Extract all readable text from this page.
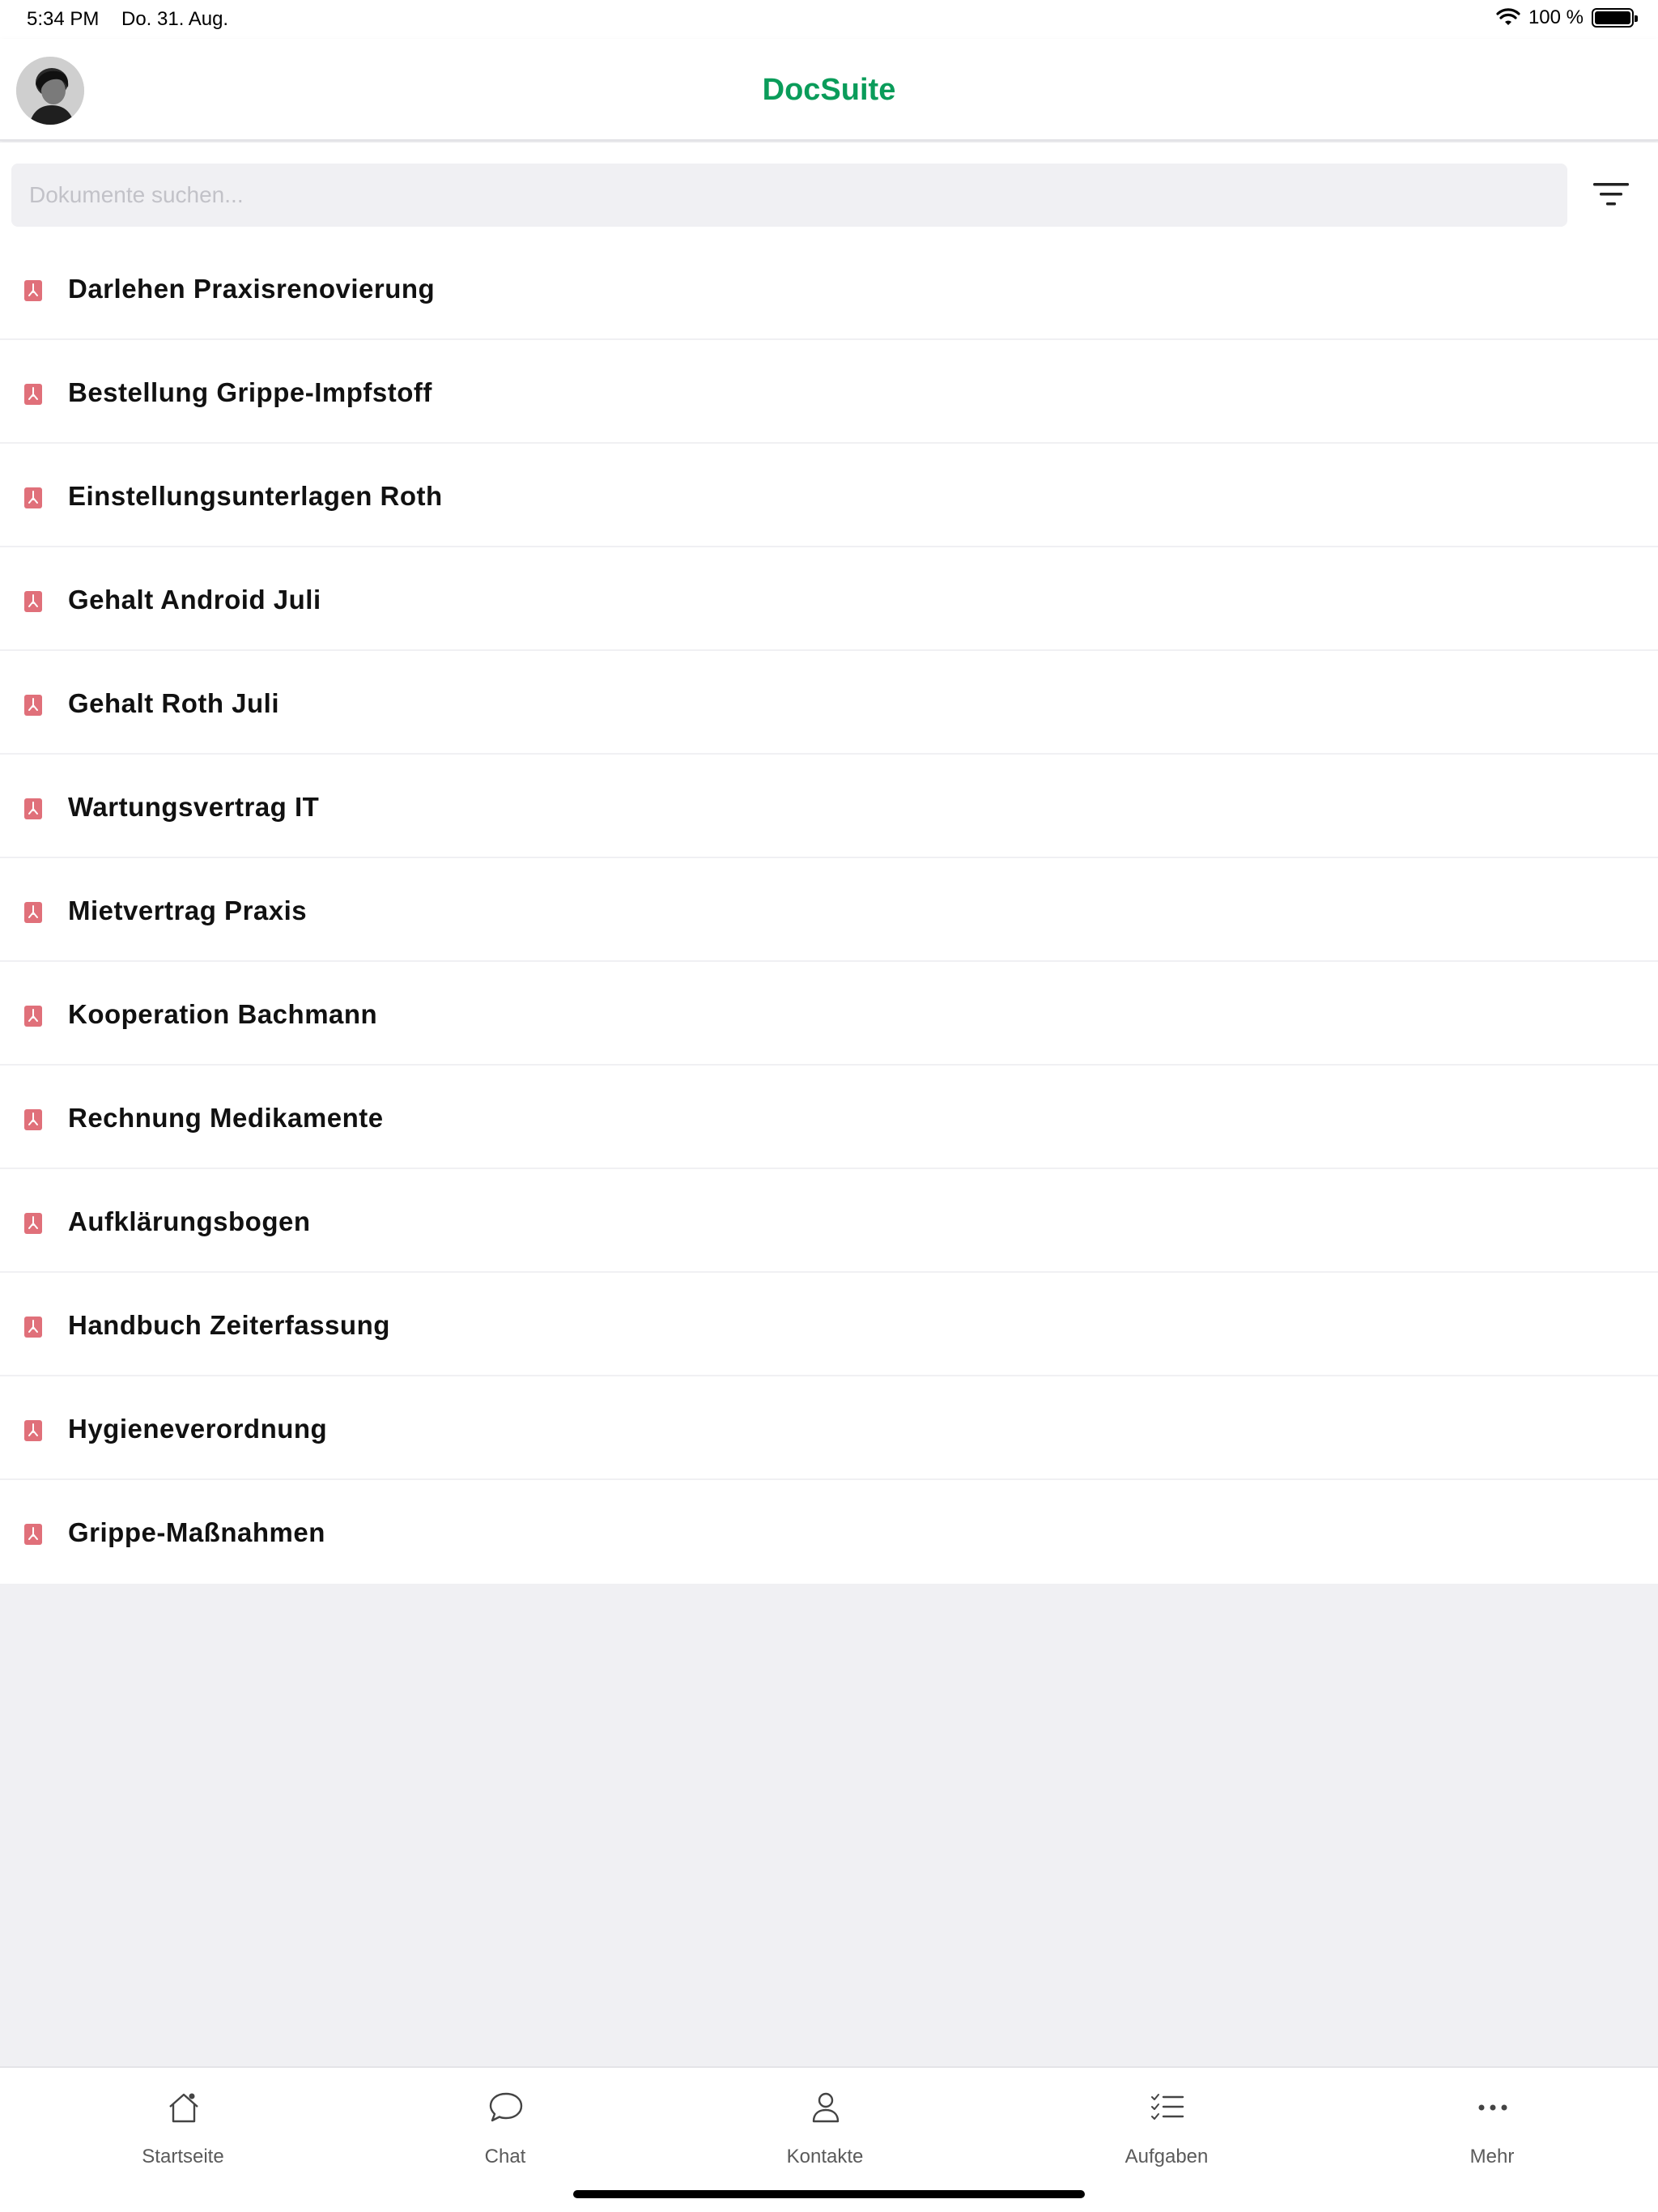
5:34 PM Do. 31. Aug.	100 %
DocSuite
Dokumente suchen...
Darlehen Praxisrenovierung
Bestellung Grippe-Impfstoff
Einstellungsunterlagen Roth
Gehalt Android Juli
Gehalt Roth Juli
Wartungsvertrag IT
Mietvertrag Praxis
Kooperation Bachmann
Rechnung Medikamente
Aufklärungsbogen
Handbuch Zeiterfassung
Hygieneverordnung
Grippe-Maßnahmen
Startseite	Chat	Kontakte	Aufgaben	Mehr
